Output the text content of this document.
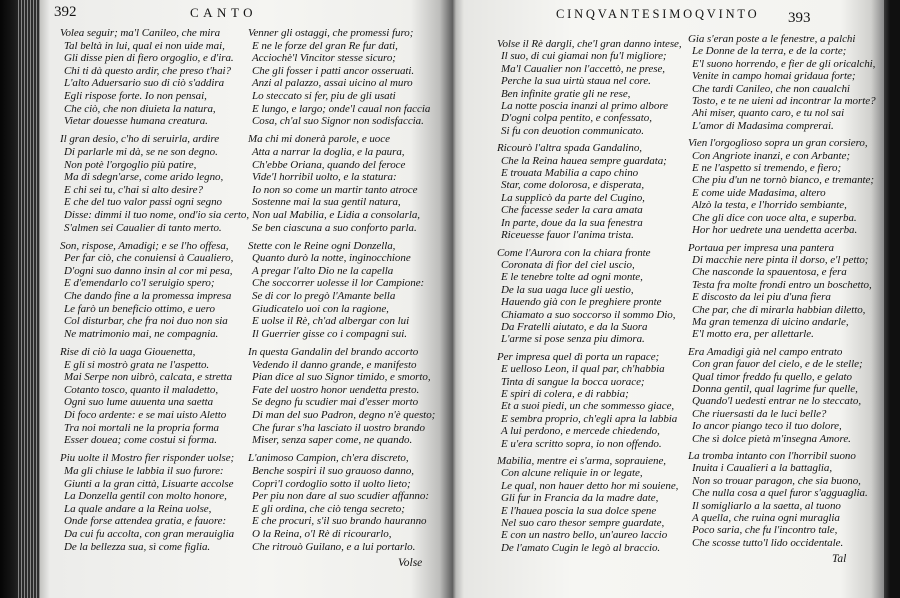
392	CANTO
Volea seguir; ma'l Canileo, che mira
Tal beltà in lui, qual ei non uide mai,
Gli disse pien di fiero orgoglio, e d'ira.
Chi ti dà questo ardir, che preso t'hai?
L'alto Aduersario suo di ciò s'addira
Egli rispose forte. Io non pensai,
Che ciò, che non diuieta la natura,
Vietar douesse humana creatura.
Il gran desio, c'ho di seruirla, ardire
Di parlarle mi dà, se ne son degno.
Non potè l'orgoglio più patire,
Ma di sdegn'arse, come arido legno,
E chi sei tu, c'hai si alto desire?
E che del tuo valor passi ogni segno
Disse: dimmi il tuo nome, ond'io sia certo,
S'almen sei Caualier di tanto merto.
Son, rispose, Amadigi; e se l'ho offesa,
Per far ciò, che conuiensi à Caualiero,
D'ogni suo danno insin al cor mi pesa,
E d'emendarlo co'l seruigio spero;
Che dando fine a la promessa impresa
Le farò un beneficio ottimo, e uero
Col disturbar, che fra noi duo non sia
Ne matrimonio mai, ne compagnia.
Rise di ciò la uaga Giouenetta,
E gli si mostrò grata ne l'aspetto.
Mai Serpe non uibrò, calcata, e stretta
Cotanto tosco, quanto il maladetto,
Ogni suo lume auuenta una saetta
Di foco ardente: e se mai uisto Aletto
Tra noi mortali ne la propria forma
Esser douea; come costui si forma.
Piu uolte il Mostro fier risponder uolse;
Ma gli chiuse le labbia il suo furore:
Giunti a la gran città, Lisuarte accolse
La Donzella gentil con molto honore,
La quale andare a la Reina uolse,
Onde forse attendea gratia, e fauore:
Da cui fu accolta, con gran merauiglia
De la bellezza sua, sì come figlia.
Venner gli ostaggi, che promessi furo;
E ne le forze del gran Re fur dati,
Acciochè'l Vincitor stesse sicuro;
Che gli fosser i patti ancor osseruati.
Anzi al palazzo, assai uicino al muro
Lo steccato si fer, piu de gli usati
E lungo, e largo; onde'l caual non faccia
Cosa, ch'al suo Signor non sodisfaccia.
Ma chi mi donerà parole, e uoce
Atta a narrar la doglia, e la paura,
Ch'ebbe Oriana, quando del feroce
Vide'l horribil uolto, e la statura:
Io non so come un martir tanto atroce
Sostenne mai la sua gentil natura,
Non ual Mabilia, e Lidia a consolarla,
Se ben ciascuna a suo conforto parla.
Stette con le Reine ogni Donzella,
Quanto durò la notte, inginocchione
A pregar l'alto Dio ne la capella
Che soccorrer uolesse il lor Campione:
Se di cor lo pregò l'Amante bella
Giudicatelo uoi con la ragione,
E uolse il Rè, ch'ad albergar con lui
Il Guerrier gisse co i compagni sui.
In questa Gandalin del brando accorto
Vedendo il danno grande, e manifesto
Pian dice al suo Signor timido, e smorto,
Fate del uostro honor uendetta presto.
Se degno fu scudier mai d'esser morto
Di man del suo Padron, degno n'è questo;
Che furar s'ha lasciato il uostro brando
Miser, senza saper come, ne quando.
L'animoso Campion, ch'era discreto,
Benche sospiri il suo grauoso danno,
Coprì'l cordoglio sotto il uolto lieto;
Per piu non dare al suo scudier affanno:
E gli ordina, che ciò tenga secreto;
E che procuri, s'il suo brando hauranno
O la Reina, o'l Rè di ricourarlo,
Che ritrouò Guilano, e a lui portarlo.
Volse
CINQVANTESIMOQVINTO 393
Volse il Rè dargli, che'l gran danno intese,
Il suo, di cui giamai non fu'l migliore;
Ma'l Caualier non l'accettò, ne prese,
Perche la sua uirtù staua nel core.
Ben infinite gratie gli ne rese,
La notte poscia inanzi al primo albore
D'ogni colpa pentito, e confessato,
Si fu con deuotion communicato.
Ricourò l'altra spada Gandalino,
Che la Reina hauea sempre guardata;
E trouata Mabilia a capo chino
Star, come dolorosa, e disperata,
La supplicò da parte del Cugino,
Che facesse seder la cara amata
In parte, doue da la sua fenestra
Riceuesse fauor l'anima trista.
Come l'Aurora con la chiara fronte
Coronata di fior del ciel uscio,
E le tenebre tolte ad ogni monte,
De la sua uaga luce gli uestio,
Hauendo già con le preghiere pronte
Chiamato a suo soccorso il sommo Dio,
Da Fratelli aiutato, e da la Suora
L'arme si pose senza piu dimora.
Per impresa quel dì porta un rapace;
E uelloso Leon, il qual par, ch'habbia
Tinta di sangue la bocca uorace;
E spiri di colera, e di rabbia;
Et a suoi piedi, un che sommesso giace,
E sembra proprio, ch'egli apra la labbia
A lui perdono, e mercede chiedendo,
E u'era scritto sopra, io non offendo.
Mabilia, mentre ei s'arma, soprauiene,
Con alcune reliquie in or legate,
Le qual, non hauer detto hor mi souiene,
Gli fur in Francia da la madre date,
E l'hauea poscia la sua dolce spene
Nel suo caro thesor sempre guardate,
E con un nastro bello, un'aureo laccio
De l'amato Cugin le legò al braccio.
Gia s'eran poste a le fenestre, a palchi
Le Donne de la terra, e de la corte;
E'l suono horrendo, e fier de gli oricalchi,
Venite in campo homai gridaua forte;
Che tardi Canileo, che non caualchi
Tosto, e te ne uieni ad incontrar la morte?
Ahi miser, quanto caro, e tu nol sai
L'amor di Madasima comprerai.
Vien l'orgoglioso sopra un gran corsiero,
Con Angriote inanzi, e con Arbante;
E ne l'aspetto si tremendo, e fiero;
Che piu d'un ne tornò bianco, e tremante;
E come uide Madasima, altero
Alzò la testa, e l'horrido sembiante,
Che gli dice con uoce alta, e superba.
Hor hor uedrete una uendetta acerba.
Portaua per impresa una pantera
Di macchie nere pinta il dorso, e'l petto;
Che nasconde la spauentosa, e fera
Testa fra molte frondi entro un boschetto,
E discosto da lei piu d'una fiera
Che par, che di mirarla habbian diletto,
Ma gran temenza di uicino andarle,
E'l motto era, per allettarle.
Era Amadigi già nel campo entrato
Con gran fauor del cielo, e de le stelle;
Qual timor freddo fu quello, e gelato
Donna gentil, qual lagrime fur quelle,
Quando'l uedesti entrar ne lo steccato,
Che riuersasti da le luci belle?
Io ancor piango teco il tuo dolore,
Che sì dolce pietà m'insegna Amore.
La tromba intanto con l'horribil suono
Inuita i Caualieri a la battaglia,
Non so trouar paragon, che sia buono,
Che nulla cosa a quel furor s'agguaglia.
Il somigliarlo a la saetta, al tuono
A quella, che ruina ogni muraglia
Poco saria, che fu l'incontro tale,
Che scosse tutto'l lido occidentale.
Tal
